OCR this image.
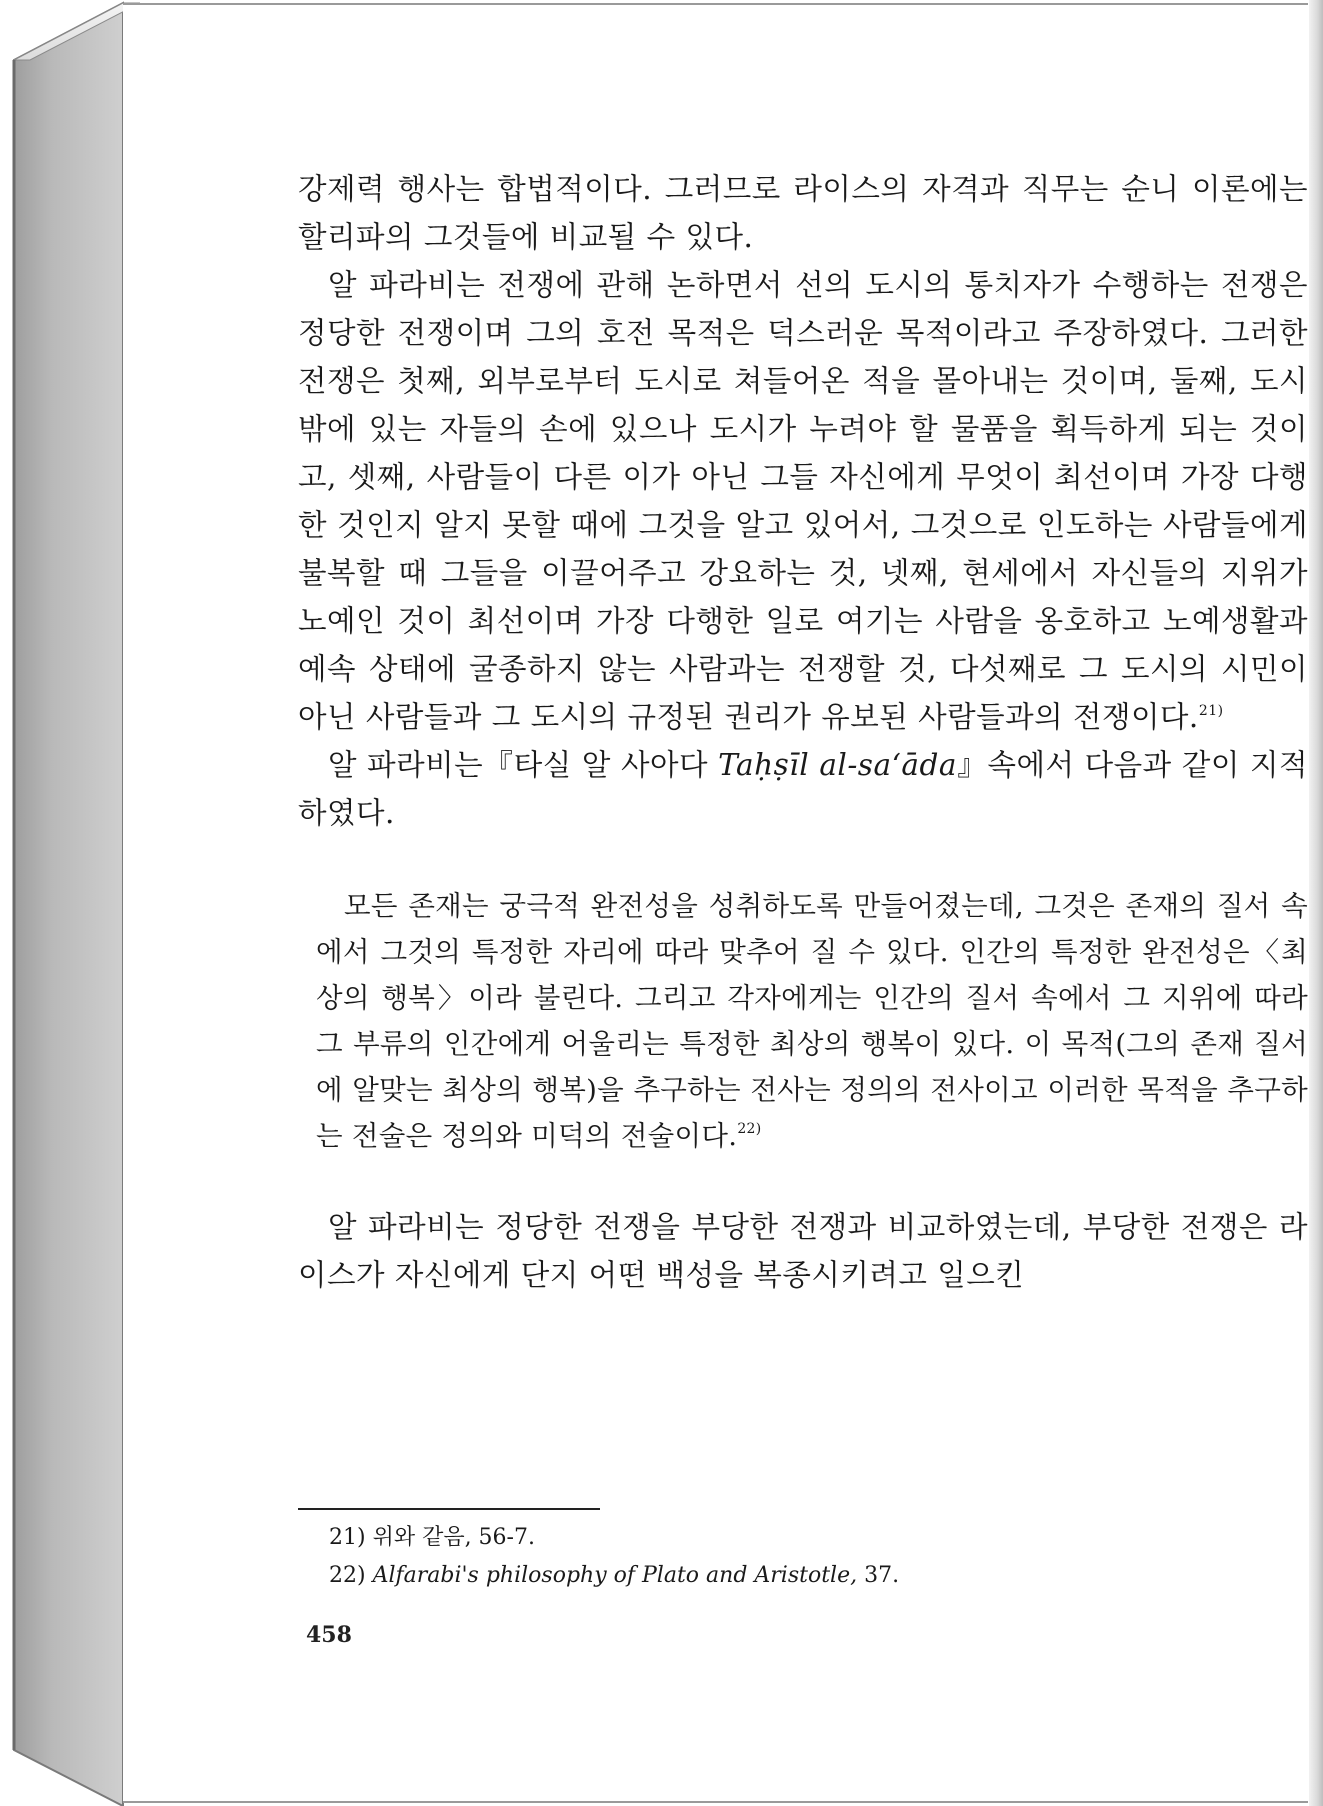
강제력 행사는 합법적이다. 그러므로 라이스의 자격과 직무는 순니 이론에는 할리파의 그것들에 비교될 수 있다.

알 파라비는 전쟁에 관해 논하면서 선의 도시의 통치자가 수행하는 전쟁은 정당한 전쟁이며 그의 호전 목적은 덕스러운 목적이라고 주장하였다. 그러한 전쟁은 첫째, 외부로부터 도시로 쳐들어온 적을 몰아내는 것이며, 둘째, 도시 밖에 있는 자들의 손에 있으나 도시가 누려야 할 물품을 획득하게 되는 것이고, 셋째, 사람들이 다른 이가 아닌 그들 자신에게 무엇이 최선이며 가장 다행한 것인지 알지 못할 때에 그것을 알고 있어서, 그것으로 인도하는 사람들에게 불복할 때 그들을 이끌어주고 강요하는 것, 넷째, 현세에서 자신들의 지위가 노예인 것이 최선이며 가장 다행한 일로 여기는 사람을 옹호하고 노예생활과 예속 상태에 굴종하지 않는 사람과는 전쟁할 것, 다섯째로 그 도시의 시민이 아닌 사람들과 그 도시의 규정된 권리가 유보된 사람들과의 전쟁이다.$^{21)}$

알 파라비는『타실 알 사아다 Taḥṣīl al-sa‘āda』속에서 다음과 같이 지적하였다.

모든 존재는 궁극적 완전성을 성취하도록 만들어졌는데, 그것은 존재의 질서 속에서 그것의 특정한 자리에 따라 맞추어 질 수 있다. 인간의 특정한 완전성은〈최상의 행복〉이라 불린다. 그리고 각자에게는 인간의 질서 속에서 그 지위에 따라 그 부류의 인간에게 어울리는 특정한 최상의 행복이 있다. 이 목적(그의 존재 질서에 알맞는 최상의 행복)을 추구하는 전사는 정의의 전사이고 이러한 목적을 추구하는 전술은 정의와 미덕의 전술이다.$^{22)}$

알 파라비는 정당한 전쟁을 부당한 전쟁과 비교하였는데, 부당한 전쟁은 라이스가 자신에게 단지 어떤 백성을 복종시키려고 일으킨

21) 위와 같음, 56-7.
22) Alfarabi's philosophy of Plato and Aristotle, 37.
458
